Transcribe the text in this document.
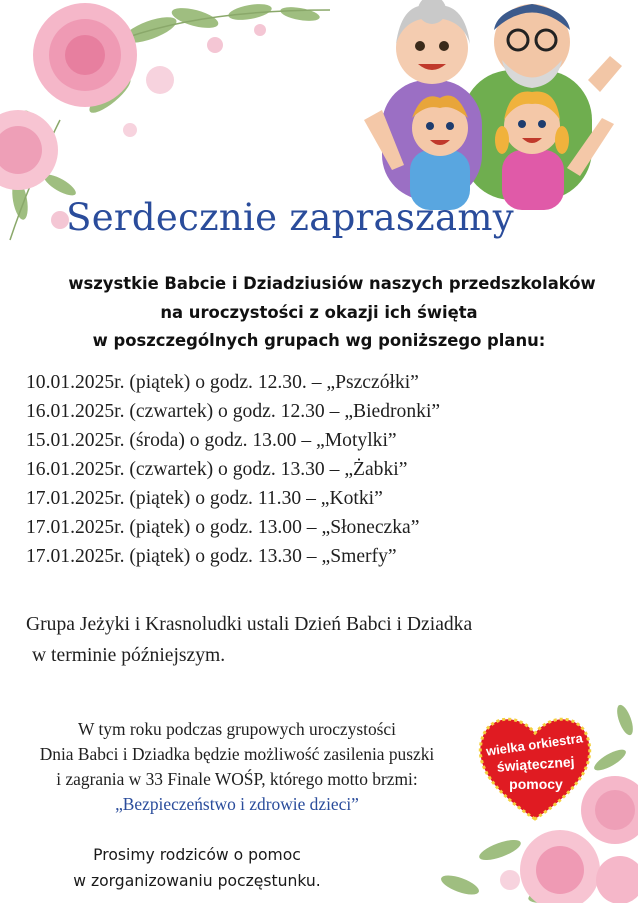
Serdecznie zapraszamy
wszystkie Babcie i Dziadziusiów naszych przedszkolaków
na uroczystości z okazji ich święta
w poszczególnych grupach wg poniższego planu:
10.01.2025r. (piątek) o godz. 12.30. – „Pszczółki”
16.01.2025r. (czwartek) o godz. 12.30 – „Biedronki”
15.01.2025r. (środa) o godz. 13.00 – „Motylki”
16.01.2025r. (czwartek) o godz. 13.30 – „Żabki”
17.01.2025r. (piątek) o godz. 11.30 – „Kotki”
17.01.2025r. (piątek) o godz. 13.00 – „Słoneczka”
17.01.2025r. (piątek) o godz. 13.30 – „Smerfy”
Grupa Jeżyki i Krasnoludki ustali Dzień Babci i Dziadka
w terminie późniejszym.
W tym roku podczas grupowych uroczystości
Dnia Babci i Dziadka będzie możliwość zasilenia puszki
i zagrania w 33 Finale WOŚP, którego motto brzmi:
„Bezpieczeństwo i zdrowie dzieci”
wielka orkiestra
świątecznej
pomocy
Prosimy rodziców o pomoc
w zorganizowaniu poczęstunku.
